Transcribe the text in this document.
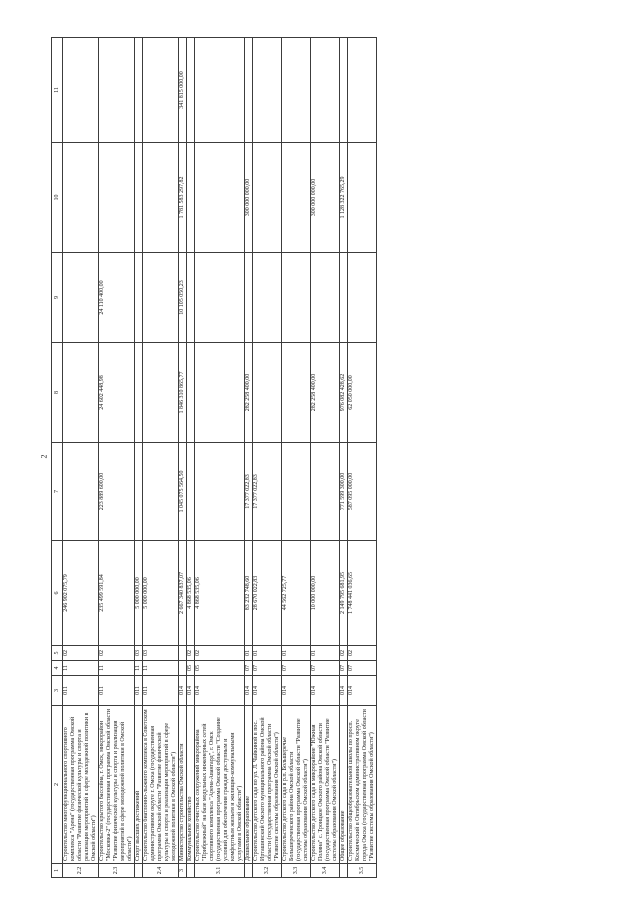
2
1	2	3	4	5	6	7	8	9	10	11
2.2	Строительство многофункционального спортивного комплекса "Арена" (государственная программа Омской области "Развитие физической культуры и спорта и реализация мероприятий в сфере молодежной политики в Омской области")	011	11	02	246 902 075,79					
2.3	Строительство крытого бассейна, г. Омск, микрорайон "Московка-2" (государственная программа Омской области "Развитие физической культуры и спорта и реализация мероприятий в сфере молодежной политики в Омской области")	011	11	02	235 499 591,84	223 889 600,00	24 602 448,98	24 110 400,00		
	Спорт высших достижений	011	11	03	5 000 000,00					
2.4	Строительство биатлонно-лыжного комплекса в Советском административном округе г. Омска (государственная программа Омской области "Развитие физической культуры и спорта и реализация мероприятий в сфере молодежной политики в Омской области")	011	11	03	5 000 000,00					
3	Министерство строительства Омской области	014			2 667 340 837,07	1 045 075 564,50	1 846 310 865,77	10 105 050,23	1 781 583 297,82	341 815 000,00
	Коммунальное хозяйство	014	05	02	4 868 535,06					
3.1	Строительство очистных сооружений микрорайона "Прибрежный" на базе модульных инженерных сетей спортивного комплекса "Арена-Авангард", г. Омск (государственная программа Омской области "Создание условий для обеспечения граждан доступным и комфортным жильем и жилищно-коммунальными услугами в Омской области")	014	05	02	4 868 535,06					
	Дошкольное образование	014	07	01	83 232 748,60	17 377 022,83	282 258 400,00		300 000 000,00	
3.2	Строительство детского сада по ул. Л. Чайкиной в пос. Ирташинский Омского муниципального района Омской области (государственная программа Омской области "Развитие системы образования Омской области")	014	07	01	28 670 022,83	17 377 022,83				
3.3	Строительство детского сада в р.п. Большеречье Большереченского района Омской области (государственная программа Омской области "Развитие системы образования Омской области")	014	07	01	44 562 725,77					
3.4	Строительство детского сада в микрорайоне "Южная Поляна" с. Троицкое Омского района Омской области (государственная программа Омской области "Развитие системы образования Омской области")	014	07	01	10 000 000,00		282 258 400,00		300 000 000,00	
	Общее образование	014	07	02	2 149 795 681,95	771 599 300,00	976 082 428,62		1 128 322 765,29	
3.5	Строительство общеобразовательной школы по просп. Космический в Октябрьском административном округе города Омска (государственная программа Омской области "Развитие системы образования Омской области")	014	07	02	1 748 441 036,65	587 095 000,00	62 050 000,00			
